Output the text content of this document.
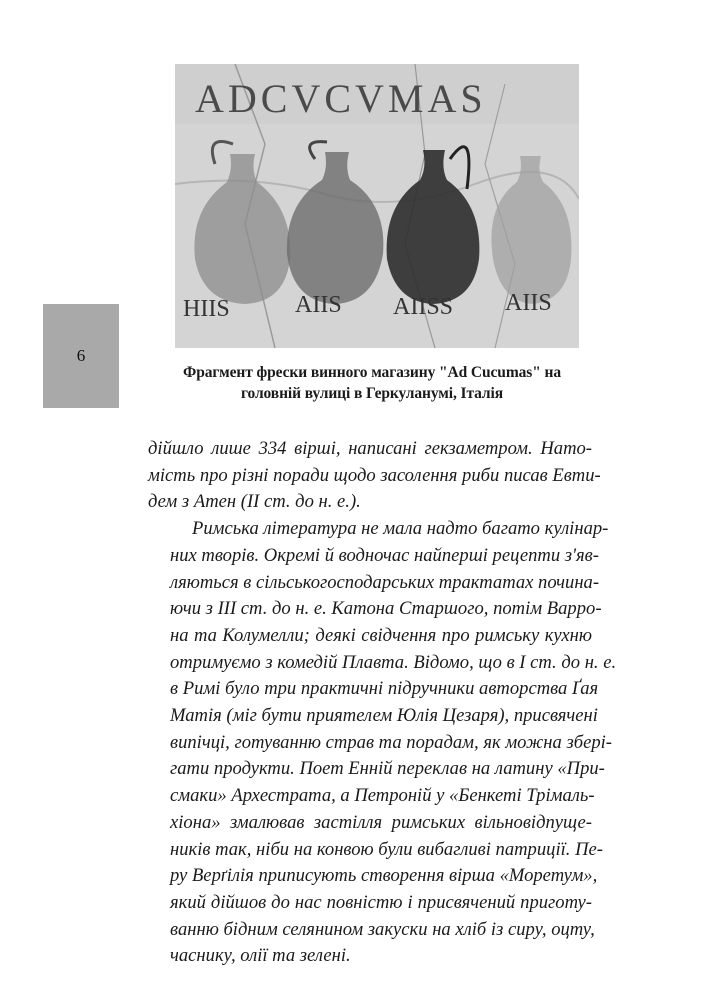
ADCVCVMAS
HIIS	AIIS AIISS AIIS
6
Фрагмент фрески винного магазину "Ad Cucumas" на
головній вулиці в Геркуланумі, Італія

дійшло лише 334 вірші, написані гекзаметром. Нато-
мість про різні поради щодо засолення риби писав Евти-
дем з Атен (ІІ ст. до н. е.).

Римська література не мала надто багато кулінар-
них творів. Окремі й водночас найперші рецепти з'яв-
ляються в сільськогосподарських трактатах почина-
ючи з ІІІ ст. до н. е. Катона Старшого, потім Варро-
на та Колумелли; деякі свідчення про римську кухню
отримуємо з комедій Плавта. Відомо, що в І ст. до н. е.
в Римі було три практичні підручники авторства Ґая
Матія (міг бути приятелем Юлія Цезаря), присвячені
випічці, готуванню страв та порадам, як можна збері-
гати продукти. Поет Енній переклав на латину «При-
смаки» Архестрата, а Петроній у «Бенкеті Трімаль-
хіона» змалював застілля римських вільновідпуще-
ників так, ніби на конвою були вибагливі патриції. Пе-
ру Верґілія приписують створення вірша «Моретум»,
який дійшов до нас повністю і присвячений приготу-
ванню бідним селянином закуски на хліб із сиру, оцту,
часнику, олії та зелені.
